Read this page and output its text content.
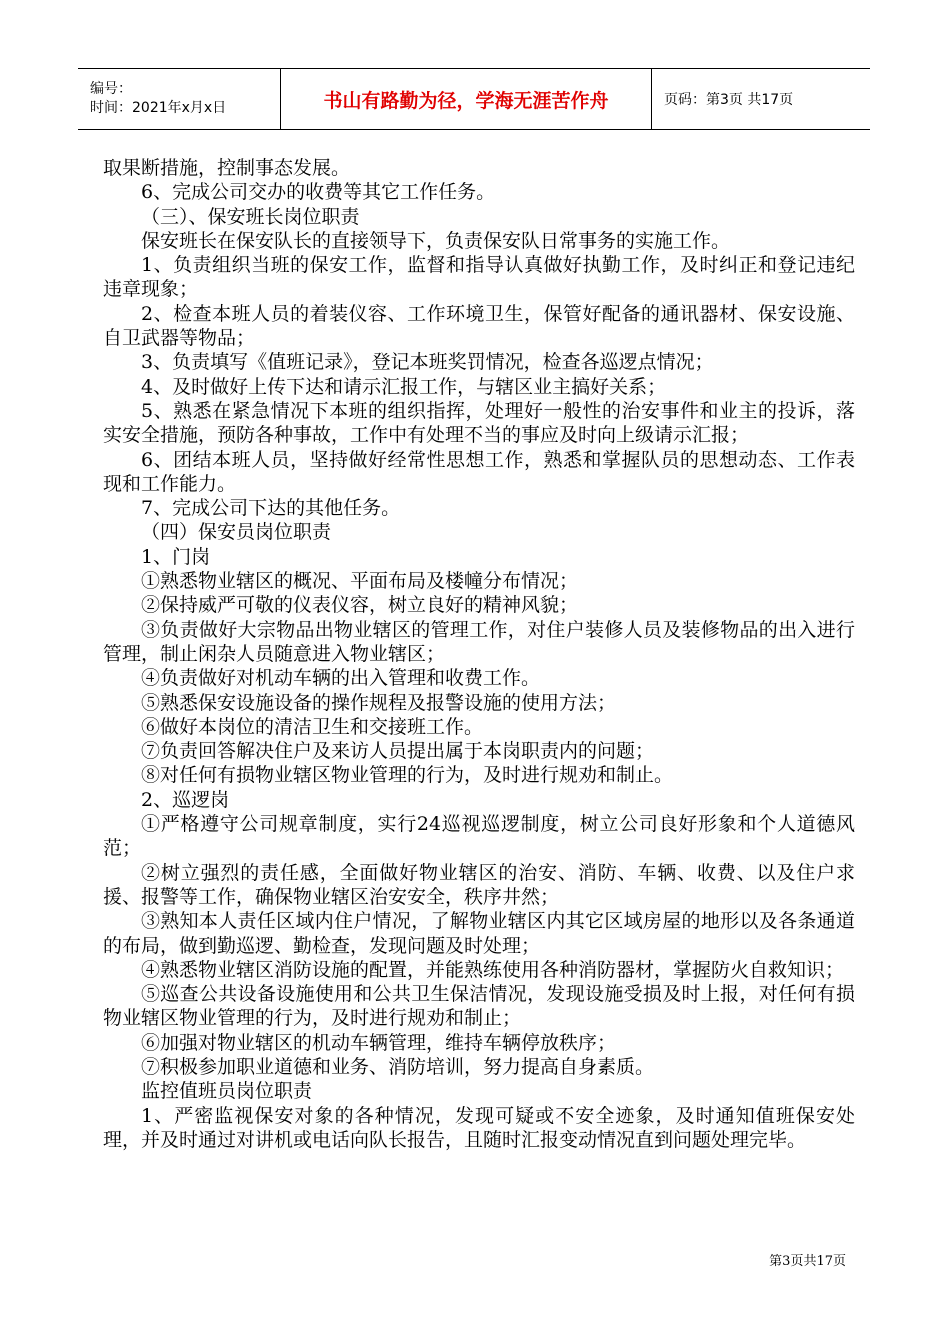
编号：
时间：2021年x月x日	书山有路勤为径，学海无涯苦作舟	页码：第3页 共17页

取果断措施，控制事态发展。

6、完成公司交办的收费等其它工作任务。

（三）、保安班长岗位职责

保安班长在保安队长的直接领导下，负责保安队日常事务的实施工作。

1、负责组织当班的保安工作，监督和指导认真做好执勤工作，及时纠正和登记违纪违章现象；

2、检查本班人员的着装仪容、工作环境卫生，保管好配备的通讯器材、保安设施、自卫武器等物品；

3、负责填写《值班记录》，登记本班奖罚情况，检查各巡逻点情况；

4、及时做好上传下达和请示汇报工作，与辖区业主搞好关系；

5、熟悉在紧急情况下本班的组织指挥，处理好一般性的治安事件和业主的投诉，落实安全措施，预防各种事故，工作中有处理不当的事应及时向上级请示汇报；

6、团结本班人员，坚持做好经常性思想工作，熟悉和掌握队员的思想动态、工作表现和工作能力。

7、完成公司下达的其他任务。

（四）保安员岗位职责

1、门岗

①熟悉物业辖区的概况、平面布局及楼幢分布情况；

②保持威严可敬的仪表仪容，树立良好的精神风貌；

③负责做好大宗物品出物业辖区的管理工作，对住户装修人员及装修物品的出入进行管理，制止闲杂人员随意进入物业辖区；

④负责做好对机动车辆的出入管理和收费工作。

⑤熟悉保安设施设备的操作规程及报警设施的使用方法；

⑥做好本岗位的清洁卫生和交接班工作。

⑦负责回答解决住户及来访人员提出属于本岗职责内的问题；

⑧对任何有损物业辖区物业管理的行为，及时进行规劝和制止。

2、巡逻岗

①严格遵守公司规章制度，实行24巡视巡逻制度，树立公司良好形象和个人道德风范；

②树立强烈的责任感，全面做好物业辖区的治安、消防、车辆、收费、以及住户求援、报警等工作，确保物业辖区治安安全，秩序井然；

③熟知本人责任区域内住户情况，了解物业辖区内其它区域房屋的地形以及各条通道的布局，做到勤巡逻、勤检查，发现问题及时处理；

④熟悉物业辖区消防设施的配置，并能熟练使用各种消防器材，掌握防火自救知识；

⑤巡查公共设备设施使用和公共卫生保洁情况，发现设施受损及时上报，对任何有损物业辖区物业管理的行为，及时进行规劝和制止；

⑥加强对物业辖区的机动车辆管理，维持车辆停放秩序；

⑦积极参加职业道德和业务、消防培训，努力提高自身素质。

监控值班员岗位职责

1、严密监视保安对象的各种情况，发现可疑或不安全迹象，及时通知值班保安处理，并及时通过对讲机或电话向队长报告，且随时汇报变动情况直到问题处理完毕。

第3页共17页
